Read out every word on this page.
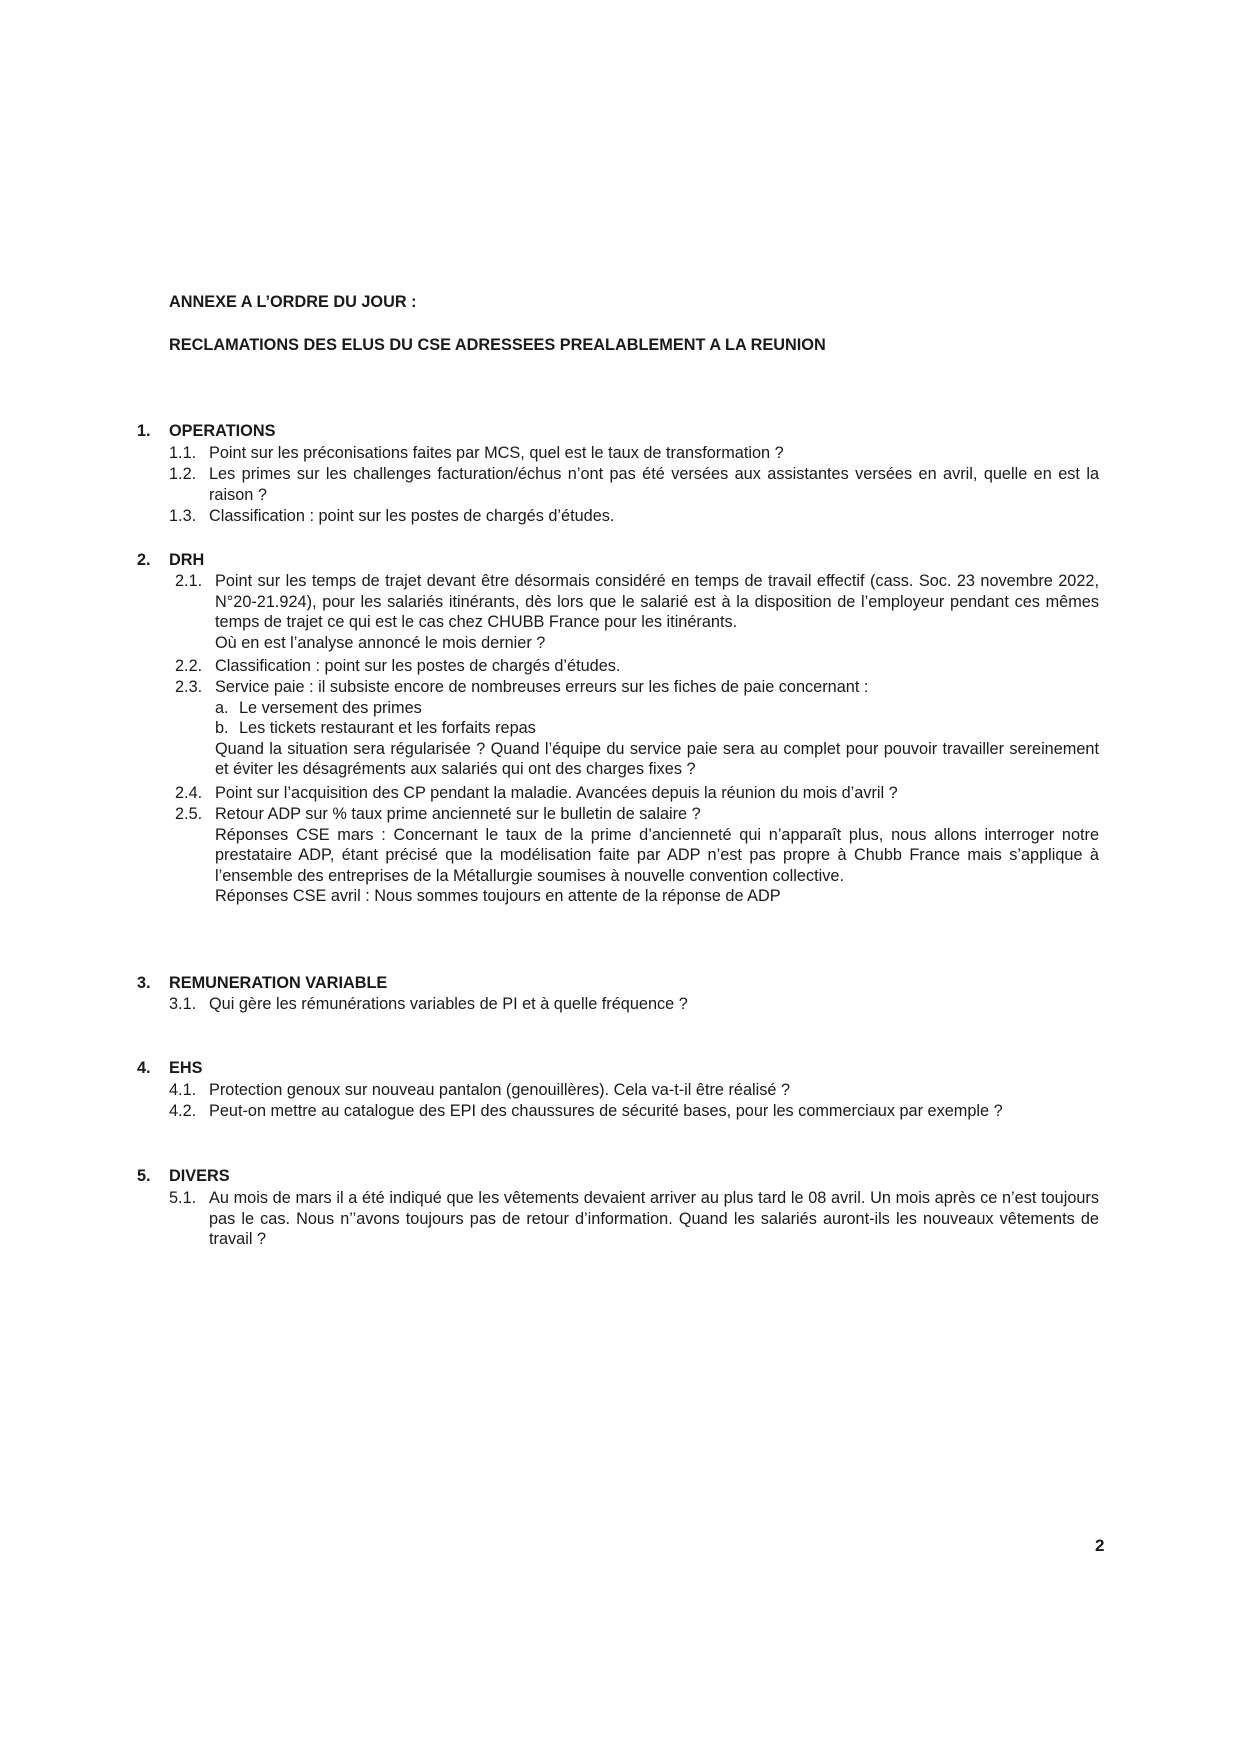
ANNEXE A L’ORDRE DU JOUR :
RECLAMATIONS DES ELUS DU CSE ADRESSEES PREALABLEMENT A LA REUNION
1. OPERATIONS
1.1. Point sur les préconisations faites par MCS, quel est le taux de transformation ?
1.2. Les primes sur les challenges facturation/échus n’ont pas été versées aux assistantes versées en avril, quelle en est la raison ?
1.3. Classification : point sur les postes de chargés d’études.
2. DRH
2.1. Point sur les temps de trajet devant être désormais considéré en temps de travail effectif (cass. Soc. 23 novembre 2022, N°20-21.924), pour les salariés itinérants, dès lors que le salarié est à la disposition de l’employeur pendant ces mêmes temps de trajet ce qui est le cas chez CHUBB France pour les itinérants.
Où en est l’analyse annoncé le mois dernier ?
2.2. Classification : point sur les postes de chargés d’études.
2.3. Service paie : il subsiste encore de nombreuses erreurs sur les fiches de paie concernant :
a. Le versement des primes
b. Les tickets restaurant et les forfaits repas
Quand la situation sera régularisée ? Quand l’équipe du service paie sera au complet pour pouvoir travailler sereinement et éviter les désagréments aux salariés qui ont des charges fixes ?
2.4. Point sur l’acquisition des CP pendant la maladie. Avancées depuis la réunion du mois d’avril ?
2.5. Retour ADP sur % taux prime ancienneté sur le bulletin de salaire ?
Réponses CSE mars : Concernant le taux de la prime d’ancienneté qui n’apparaît plus, nous allons interroger notre prestataire ADP, étant précisé que la modélisation faite par ADP n’est pas propre à Chubb France mais s’applique à l’ensemble des entreprises de la Métallurgie soumises à nouvelle convention collective.
Réponses CSE avril : Nous sommes toujours en attente de la réponse de ADP
3. REMUNERATION VARIABLE
3.1. Qui gère les rémunérations variables de PI et à quelle fréquence ?
4. EHS
4.1. Protection genoux sur nouveau pantalon (genouillères). Cela va-t-il être réalisé ?
4.2. Peut-on mettre au catalogue des EPI des chaussures de sécurité bases, pour les commerciaux par exemple ?
5. DIVERS
5.1. Au mois de mars il a été indiqué que les vêtements devaient arriver au plus tard le 08 avril. Un mois après ce n’est toujours pas le cas. Nous n’’avons toujours pas de retour d’information. Quand les salariés auront-ils les nouveaux vêtements de travail ?
2
